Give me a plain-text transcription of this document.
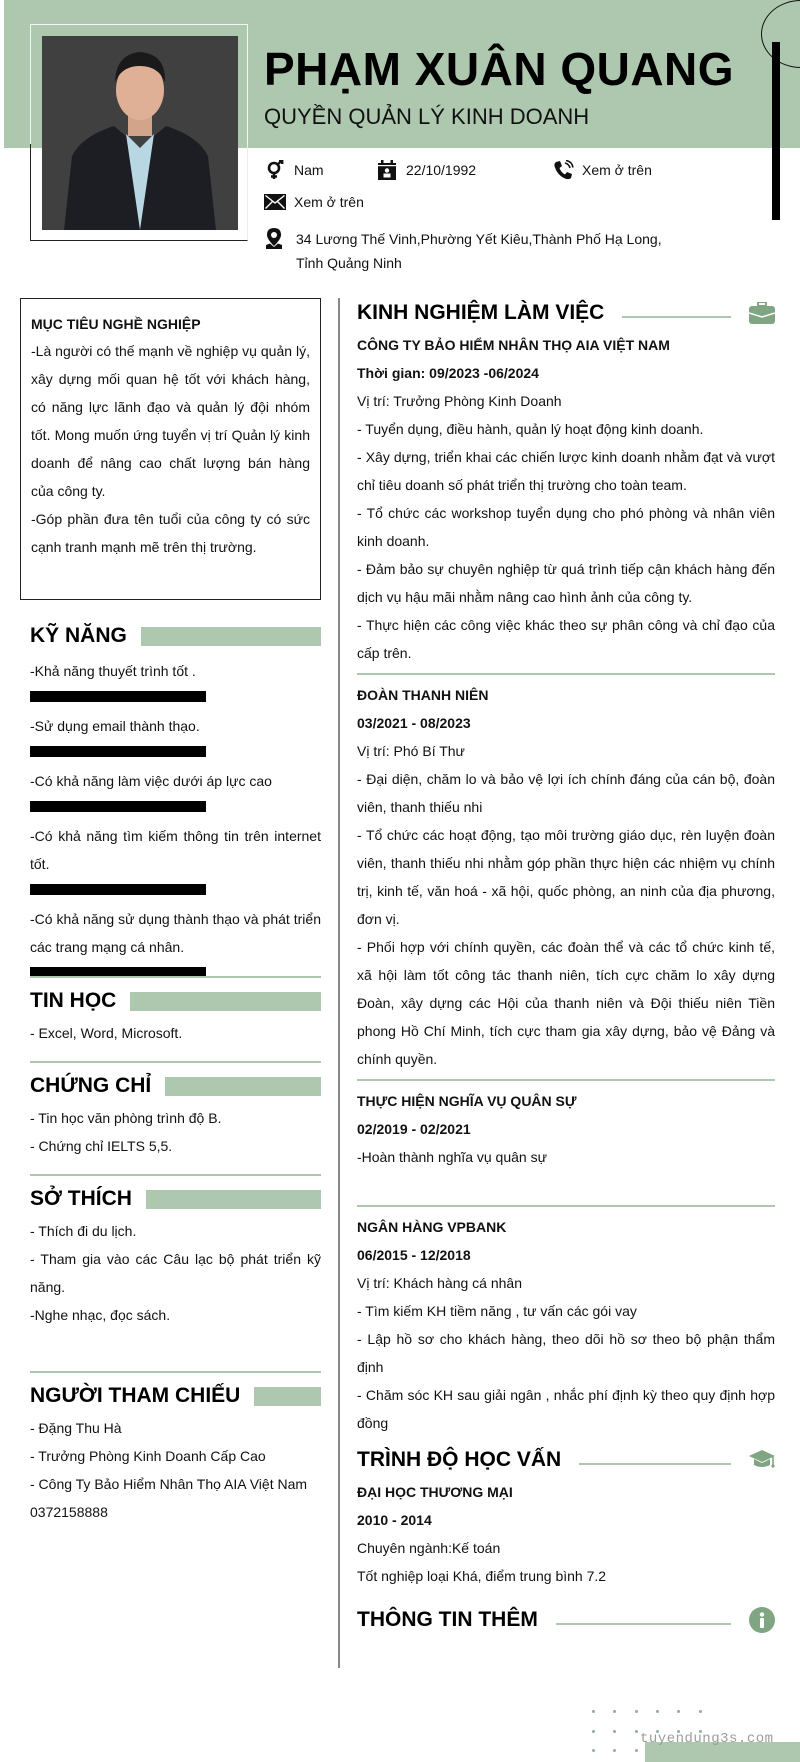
PHẠM XUÂN QUANG
QUYỀN QUẢN LÝ KINH DOANH
Nam	22/10/1992	Xem ở trên
Xem ở trên
34 Lương Thế Vinh,Phường Yết Kiêu,Thành Phố Hạ Long,
Tỉnh Quảng Ninh
MỤC TIÊU NGHỀ NGHIỆP

-Là người có thế mạnh về nghiệp vụ quản lý, xây dựng mối quan hệ tốt với khách hàng, có năng lực lãnh đạo và quản lý đội nhóm tốt. Mong muốn ứng tuyển vị trí Quản lý kinh doanh để nâng cao chất lượng bán hàng của công ty.

-Góp phần đưa tên tuổi của công ty có sức cạnh tranh mạnh mẽ trên thị trường.

KỸ NĂNG
-Khả năng thuyết trình tốt .
-Sử dụng email thành thạo.
-Có khả năng làm việc dưới áp lực cao
-Có khả năng tìm kiếm thông tin trên internet tốt.
-Có khả năng sử dụng thành thạo và phát triển các trang mạng cá nhân.
TIN HỌC
- Excel, Word, Microsoft.
CHỨNG CHỈ
- Tin học văn phòng trình độ B.
- Chứng chỉ IELTS 5,5.
SỞ THÍCH
- Thích đi du lịch.
- Tham gia vào các Câu lạc bộ phát triển kỹ năng.
-Nghe nhạc, đọc sách.
NGƯỜI THAM CHIẾU
- Đặng Thu Hà
- Trưởng Phòng Kinh Doanh Cấp Cao
- Công Ty Bảo Hiểm Nhân Thọ AIA Việt Nam
0372158888
KINH NGHIỆM LÀM VIỆC
CÔNG TY BẢO HIỂM NHÂN THỌ AIA VIỆT NAM
Thời gian: 09/2023 -06/2024
Vị trí: Trưởng Phòng Kinh Doanh
- Tuyển dụng, điều hành, quản lý hoạt động kinh doanh.
- Xây dựng, triển khai các chiến lược kinh doanh nhằm đạt và vượt chỉ tiêu doanh số phát triển thị trường cho toàn team.
- Tổ chức các workshop tuyển dụng cho phó phòng và nhân viên kinh doanh.
- Đảm bảo sự chuyên nghiệp từ quá trình tiếp cận khách hàng đến dịch vụ hậu mãi nhằm nâng cao hình ảnh của công ty.
- Thực hiện các công việc khác theo sự phân công và chỉ đạo của cấp trên.
ĐOÀN THANH NIÊN
03/2021 - 08/2023
Vị trí: Phó Bí Thư
- Đại diện, chăm lo và bảo vệ lợi ích chính đáng của cán bộ, đoàn viên, thanh thiếu nhi
- Tổ chức các hoạt động, tạo môi trường giáo dục, rèn luyện đoàn viên, thanh thiếu nhi nhằm góp phần thực hiện các nhiệm vụ chính trị, kinh tế, văn hoá - xã hội, quốc phòng, an ninh của địa phương, đơn vị.
- Phối hợp với chính quyền, các đoàn thể và các tổ chức kinh tế, xã hội làm tốt công tác thanh niên, tích cực chăm lo xây dựng Đoàn, xây dựng các Hội của thanh niên và Đội thiếu niên Tiền phong Hồ Chí Minh, tích cực tham gia xây dựng, bảo vệ Đảng và chính quyền.
THỰC HIỆN NGHĨA VỤ QUÂN SỰ
02/2019 - 02/2021
-Hoàn thành nghĩa vụ quân sự
NGÂN HÀNG VPBANK
06/2015 - 12/2018
Vị trí: Khách hàng cá nhân
- Tìm kiếm KH tiềm năng , tư vấn các gói vay
- Lập hồ sơ cho khách hàng, theo dõi hồ sơ theo bộ phận thẩm định
- Chăm sóc KH sau giải ngân , nhắc phí định kỳ theo quy định hợp đồng
TRÌNH ĐỘ HỌC VẤN
ĐẠI HỌC THƯƠNG MẠI
2010 - 2014
Chuyên ngành:Kế toán
Tốt nghiệp loại Khá, điểm trung bình 7.2
THÔNG TIN THÊM
tuyendung3s.com
